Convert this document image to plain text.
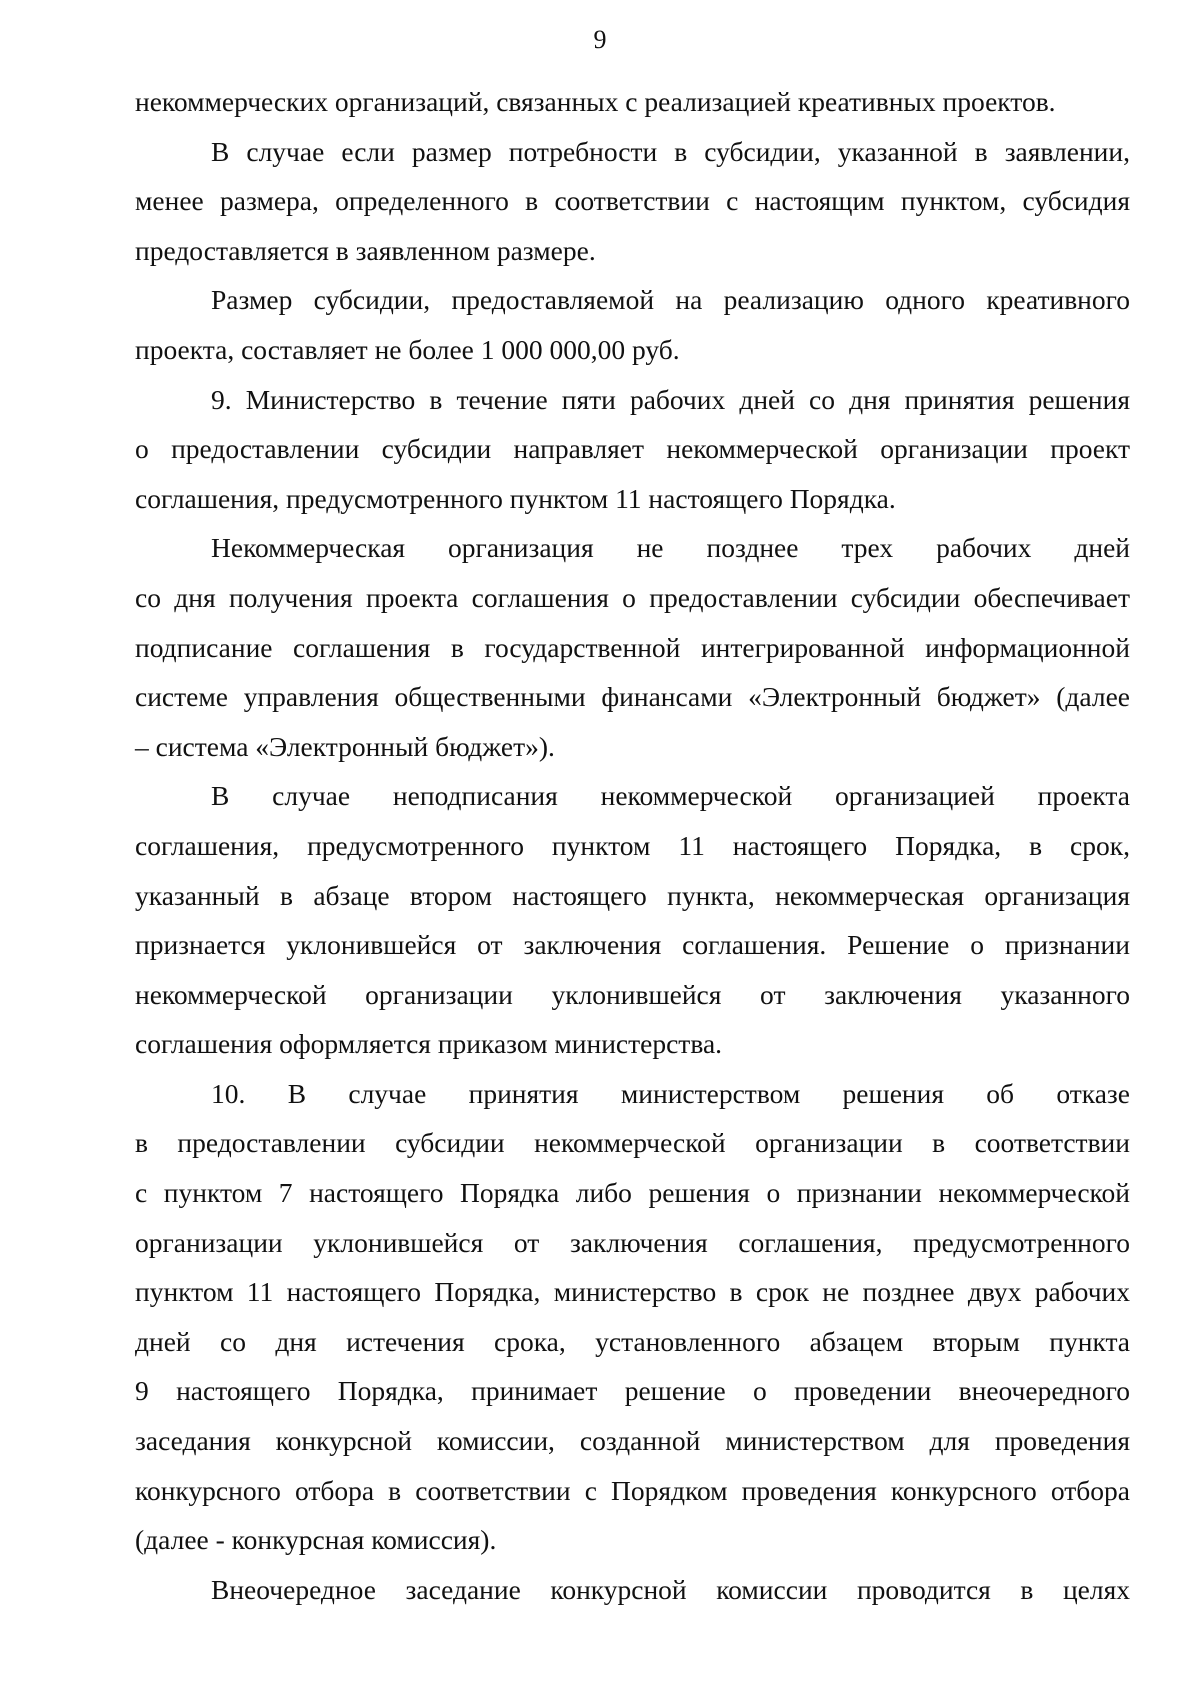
9
некоммерческих организаций, связанных с реализацией креативных проектов.
В случае если размер потребности в субсидии, указанной в заявлении,
менее размера, определенного в соответствии с настоящим пунктом, субсидия
предоставляется в заявленном размере.
Размер субсидии, предоставляемой на реализацию одного креативного
проекта, составляет не более 1 000 000,00 руб.
9. Министерство в течение пяти рабочих дней со дня принятия решения
о предоставлении субсидии направляет некоммерческой организации проект
соглашения, предусмотренного пунктом 11 настоящего Порядка.
Некоммерческая организация не позднее трех рабочих дней
со дня получения проекта соглашения о предоставлении субсидии обеспечивает
подписание соглашения в государственной интегрированной информационной
системе управления общественными финансами «Электронный бюджет» (далее
– система «Электронный бюджет»).
В случае неподписания некоммерческой организацией проекта
соглашения, предусмотренного пунктом 11 настоящего Порядка, в срок,
указанный в абзаце втором настоящего пункта, некоммерческая организация
признается уклонившейся от заключения соглашения. Решение о признании
некоммерческой организации уклонившейся от заключения указанного
соглашения оформляется приказом министерства.
10. В случае принятия министерством решения об отказе
в предоставлении субсидии некоммерческой организации в соответствии
с пунктом 7 настоящего Порядка либо решения о признании некоммерческой
организации уклонившейся от заключения соглашения, предусмотренного
пунктом 11 настоящего Порядка, министерство в срок не позднее двух рабочих
дней со дня истечения срока, установленного абзацем вторым пункта
9 настоящего Порядка, принимает решение о проведении внеочередного
заседания конкурсной комиссии, созданной министерством для проведения
конкурсного отбора в соответствии с Порядком проведения конкурсного отбора
(далее - конкурсная комиссия).
Внеочередное заседание конкурсной комиссии проводится в целях
